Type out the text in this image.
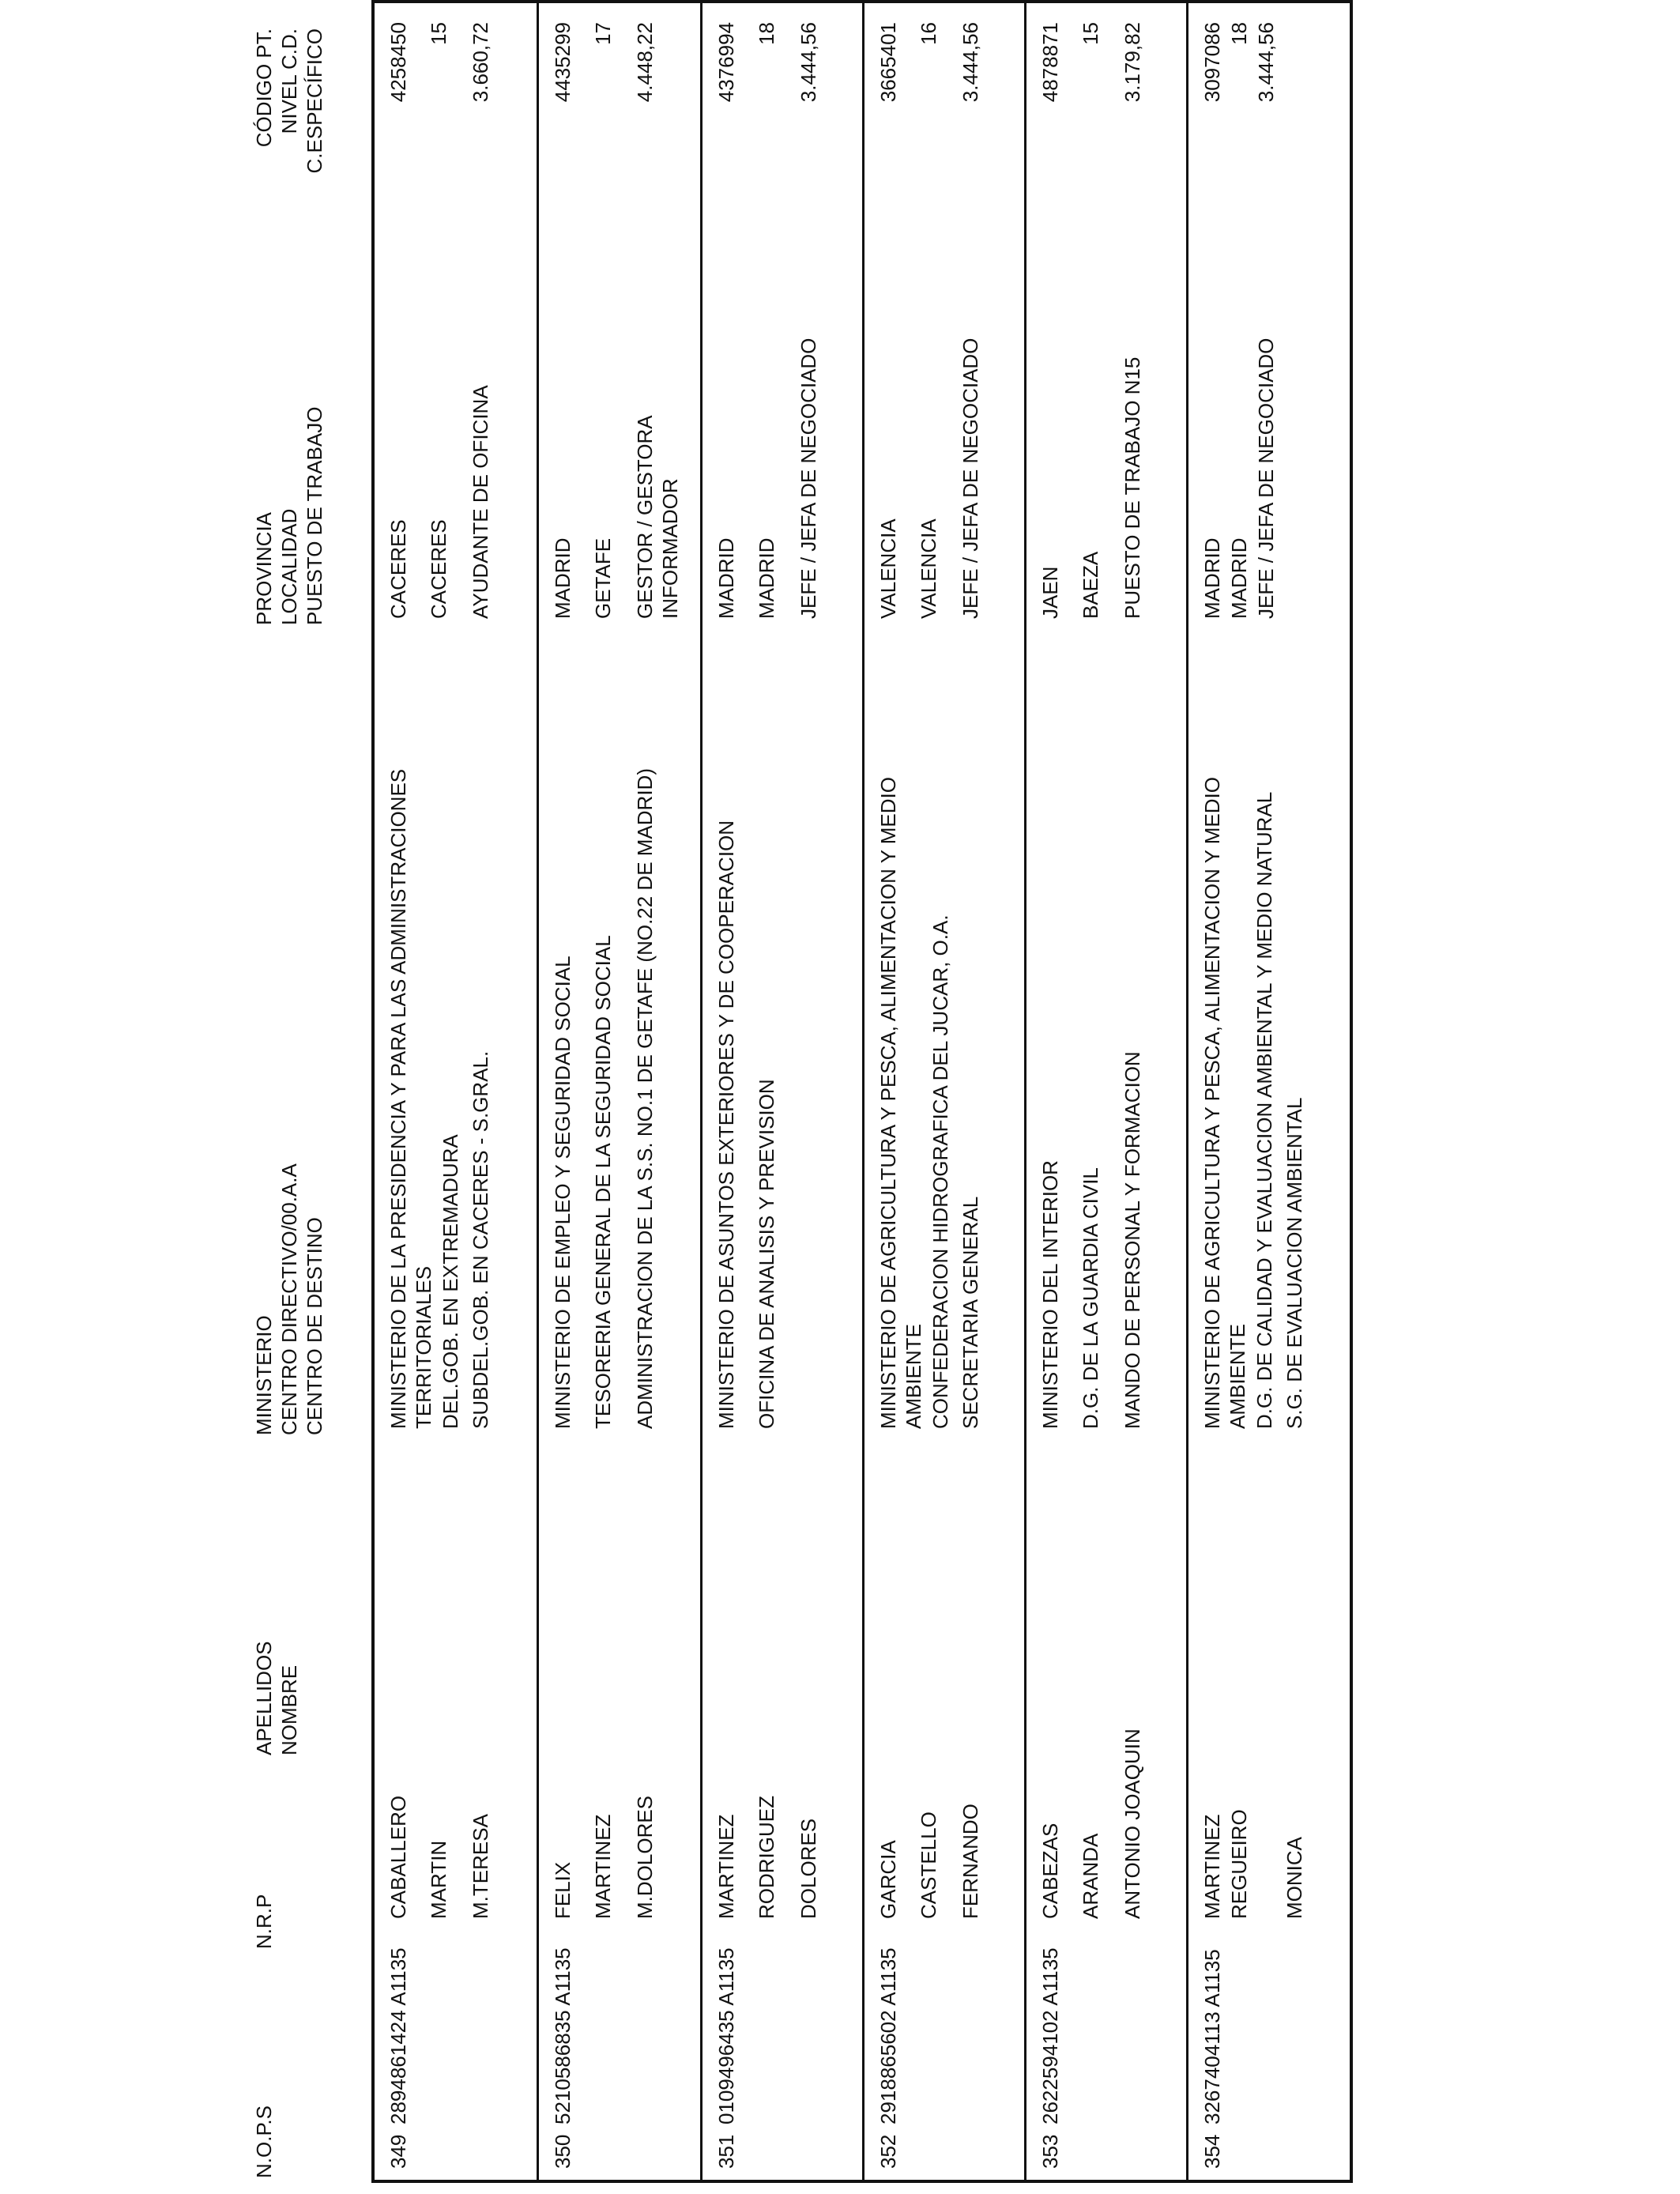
N.O.P.S
N.R.P
APELLIDOS NOMBRE
MINISTERIO CENTRO DIRECTIVO/00.A.A CENTRO DE DESTINO
PROVINCIA LOCALIDAD PUESTO DE TRABAJO
CÓDIGO PT. NIVEL C.D. C.ESPECÍFICO
349
2894861424 A1135
CABALLERO MARTIN M.TERESA
MINISTERIO DE LA PRESIDENCIA Y PARA LAS ADMINISTRACIONES TERRITORIALES DEL.GOB. EN EXTREMADURA SUBDEL.GOB. EN CACERES - S.GRAL.
CACERES CACERES AYUDANTE DE OFICINA
4258450 15 3.660,72
350
5210586835 A1135
FELIX MARTINEZ M.DOLORES
MINISTERIO DE EMPLEO Y SEGURIDAD SOCIAL TESORERIA GENERAL DE LA SEGURIDAD SOCIAL ADMINISTRACION DE LA S.S. NO.1 DE GETAFE (NO.22 DE MADRID)
MADRID GETAFE GESTOR / GESTORA INFORMADOR
4435299 17 4.448,22
351
0109496435 A1135
MARTINEZ RODRIGUEZ DOLORES
MINISTERIO DE ASUNTOS EXTERIORES Y DE COOPERACION OFICINA DE ANALISIS Y PREVISION
MADRID MADRID JEFE / JEFA DE NEGOCIADO
4376994 18 3.444,56
352
2918865602 A1135
GARCIA CASTELLO FERNANDO
MINISTERIO DE AGRICULTURA Y PESCA, ALIMENTACION Y MEDIO AMBIENTE CONFEDERACION HIDROGRAFICA DEL JUCAR, O.A. SECRETARIA GENERAL
VALENCIA VALENCIA JEFE / JEFA DE NEGOCIADO
3665401 16 3.444,56
353
2622594102 A1135
CABEZAS ARANDA ANTONIO JOAQUIN
MINISTERIO DEL INTERIOR D.G. DE LA GUARDIA CIVIL MANDO DE PERSONAL Y FORMACION
JAEN BAEZA PUESTO DE TRABAJO N15
4878871 15 3.179,82
354
3267404113 A1135
MARTINEZ REGUEIRO MONICA
MINISTERIO DE AGRICULTURA Y PESCA, ALIMENTACION Y MEDIO AMBIENTE D.G. DE CALIDAD Y EVALUACION AMBIENTAL Y MEDIO NATURAL S.G. DE EVALUACION AMBIENTAL
MADRID MADRID JEFE / JEFA DE NEGOCIADO
3097086 18 3.444,56
